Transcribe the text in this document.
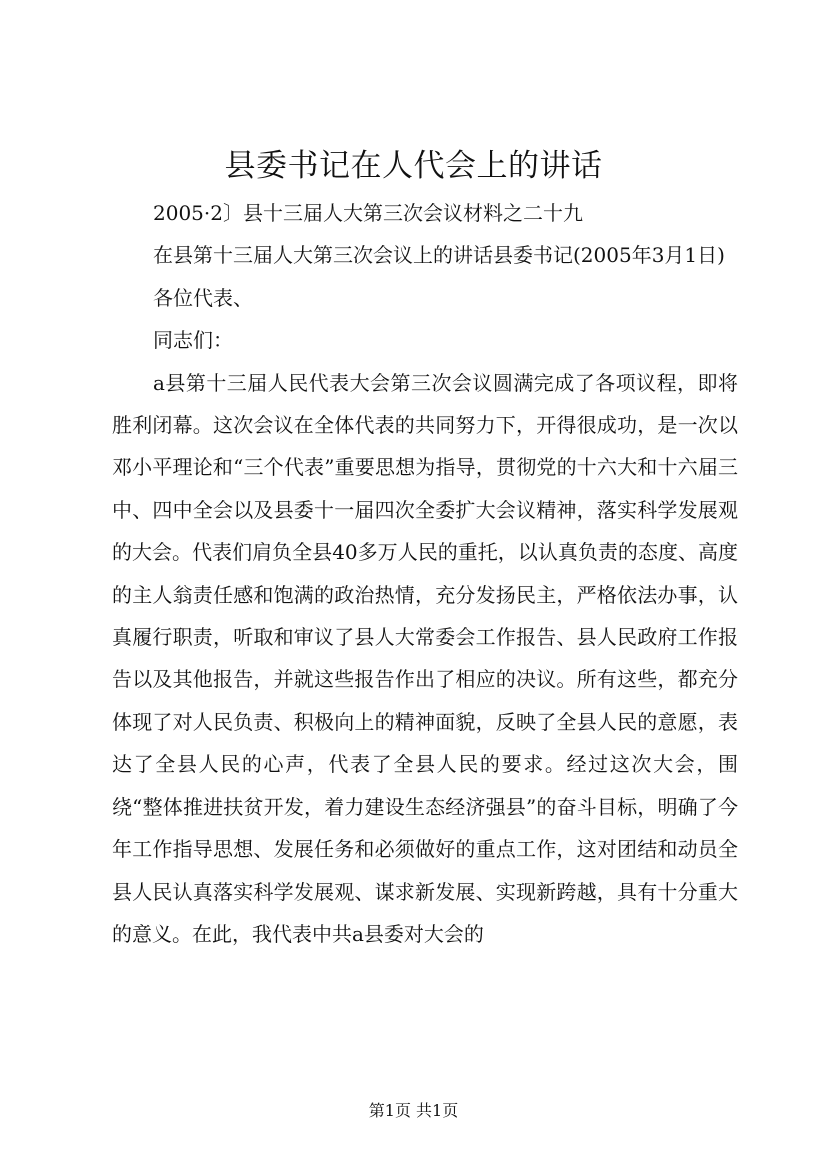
县委书记在人代会上的讲话

2005·2〕县十三届人大第三次会议材料之二十九

在县第十三届人大第三次会议上的讲话县委书记(2005年3月1日)

各位代表、

同志们：

a县第十三届人民代表大会第三次会议圆满完成了各项议程，即将胜利闭幕。这次会议在全体代表的共同努力下，开得很成功，是一次以邓小平理论和“三个代表”重要思想为指导，贯彻党的十六大和十六届三中、四中全会以及县委十一届四次全委扩大会议精神，落实科学发展观的大会。代表们肩负全县40多万人民的重托，以认真负责的态度、高度的主人翁责任感和饱满的政治热情，充分发扬民主，严格依法办事，认真履行职责，听取和审议了县人大常委会工作报告、县人民政府工作报告以及其他报告，并就这些报告作出了相应的决议。所有这些，都充分体现了对人民负责、积极向上的精神面貌，反映了全县人民的意愿，表达了全县人民的心声，代表了全县人民的要求。经过这次大会，围绕“整体推进扶贫开发，着力建设生态经济强县”的奋斗目标，明确了今年工作指导思想、发展任务和必须做好的重点工作，这对团结和动员全县人民认真落实科学发展观、谋求新发展、实现新跨越，具有十分重大的意义。在此，我代表中共a县委对大会的

第1页 共1页
